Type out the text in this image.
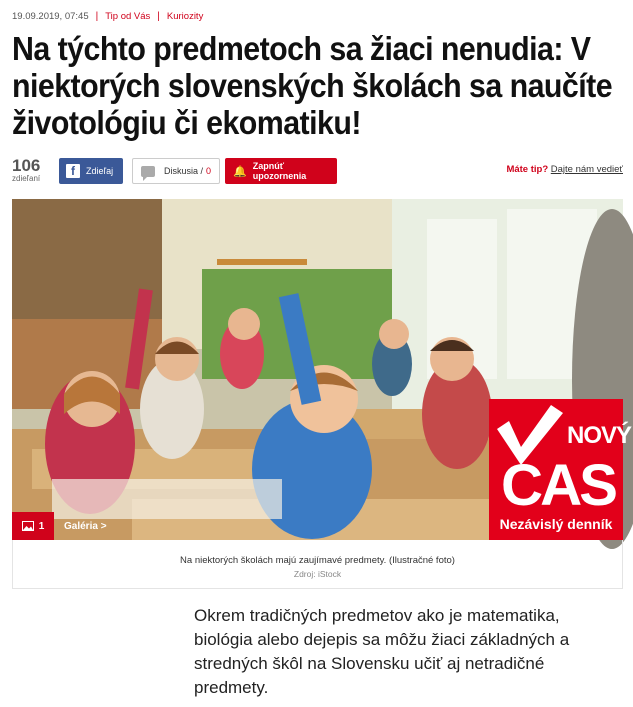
19.09.2019, 07:45 | Tip od Vás | Kuriozity
Na týchto predmetoch sa žiaci nenudia: V niektorých slovenských školách sa naučíte životológiu či ekomatiku!
106
zdieľaní
f	Zdieľaj	Diskusia / 0 🔔 Zapnúť upozornenia
Máte tip? Dajte nám vedieť
NOVÝ
CAS
Nezávislý denník
1 Galéria >
Na niektorých školách majú zaujímavé predmety. (Ilustračné foto)
Zdroj: iStock

Okrem tradičných predmetov ako je matematika, biológia alebo dejepis sa môžu žiaci základných a stredných škôl na Slovensku učiť aj netradičné predmety.
